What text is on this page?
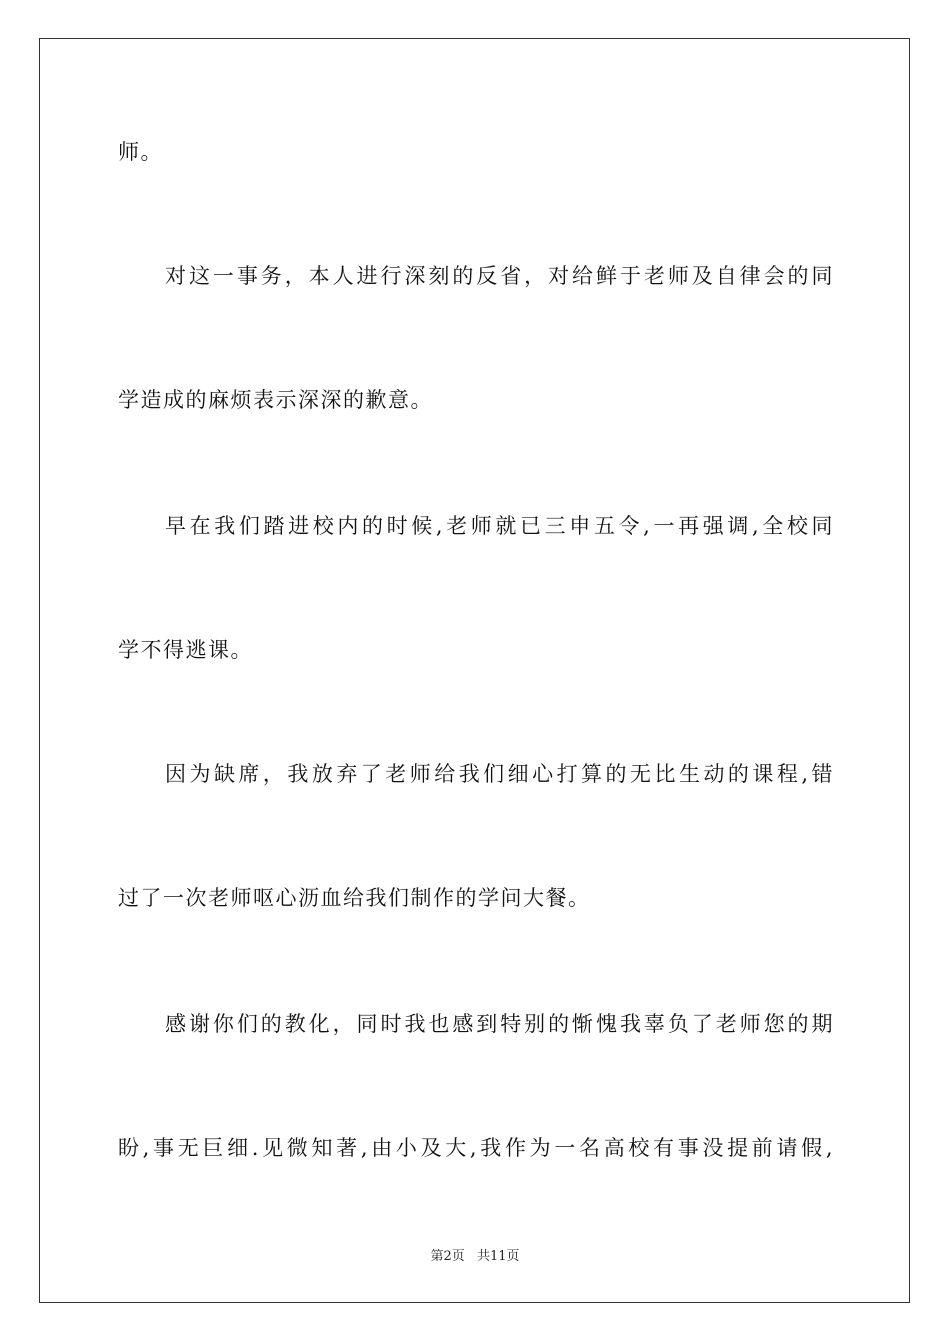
师。
对这一事务，本人进行深刻的反省，对给鲜于老师及自律会的同
学造成的麻烦表示深深的歉意。
早在我们踏进校内的时候,老师就已三申五令,一再强调,全校同
学不得逃课。
因为缺席，我放弃了老师给我们细心打算的无比生动的课程,错
过了一次老师呕心沥血给我们制作的学问大餐。
感谢你们的教化，同时我也感到特别的惭愧我辜负了老师您的期
盼,事无巨细.见微知著,由小及大,我作为一名高校有事没提前请假,
第2页 共11页
